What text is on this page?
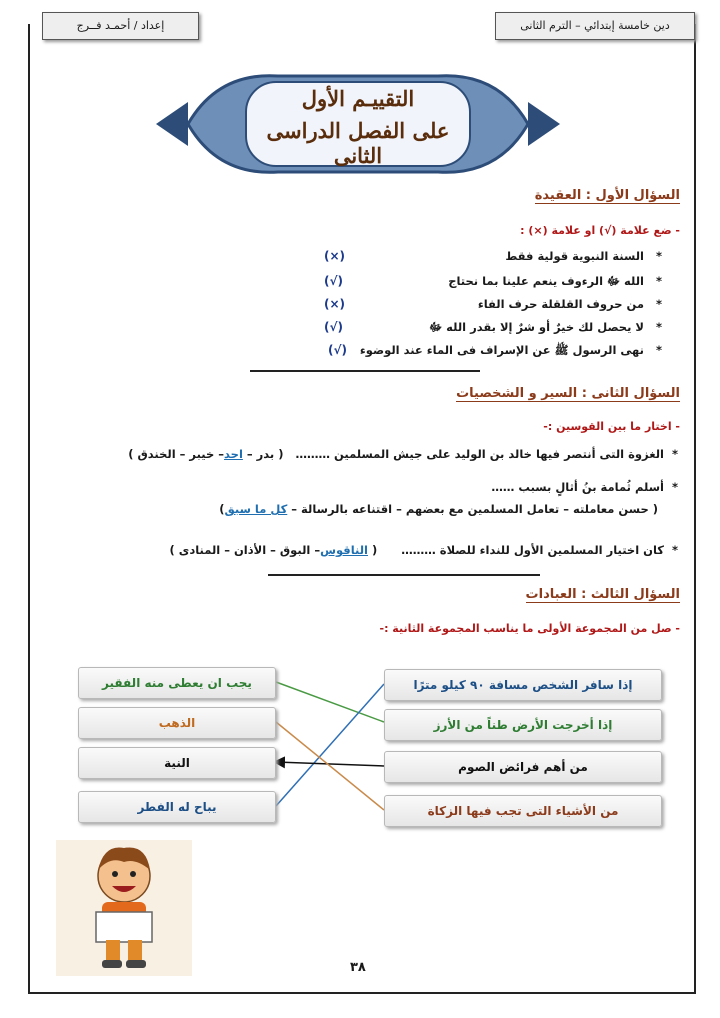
دين خامسة إبتدائي – الترم الثانى
إعداد / أحمـد فــرج
التقييـم الأول
على الفصل الدراسى الثانى
السؤال الأول : العقيدة
- ضع علامة (√) او علامة (×) :
*   السنة النبوية قولية فقط
(×)
*   الله ﷻ الرءوف ينعم علينا بما نحتاج
(√)
*   من حروف القلقلة حرف الفاء
(×)
*   لا يحصل لك خيرٌ أو شرٌ إلا بقدر الله ﷻ
(√)
*   نهى الرسول ﷺ عن الإسراف فى الماء عند الوضوء
(√)
السؤال الثانى : السير و الشخصيات
- اختار ما بين القوسين :-
*  الغزوة التى أنتصر فيها خالد بن الوليد على جيش المسلمين ………   ( بدر – احد– خيبر – الخندق )
*  أسلم ثُمامة بنُ أثالٍ بسبب ……
( حسن معاملته – تعامل المسلمين مع بعضهم – اقتناعه بالرسالة – كل ما سبق)
*  كان اختيار المسلمين الأول للنداء للصلاة ………      ( الناقوس– البوق – الأذان – المنادى )
السؤال الثالث : العبادات
- صل من المجموعة الأولى ما يناسب المجموعة الثانية :-
إذا سافر الشخص مسافة ٩٠ كيلو مترًا
إذا أخرجت الأرض طناً من الأرز
من أهم فرائض الصوم
من الأشياء التى تجب فيها الزكاة
يجب ان يعطى منه الفقير
الذهب
النية
يباح له الفطر
٣٨
